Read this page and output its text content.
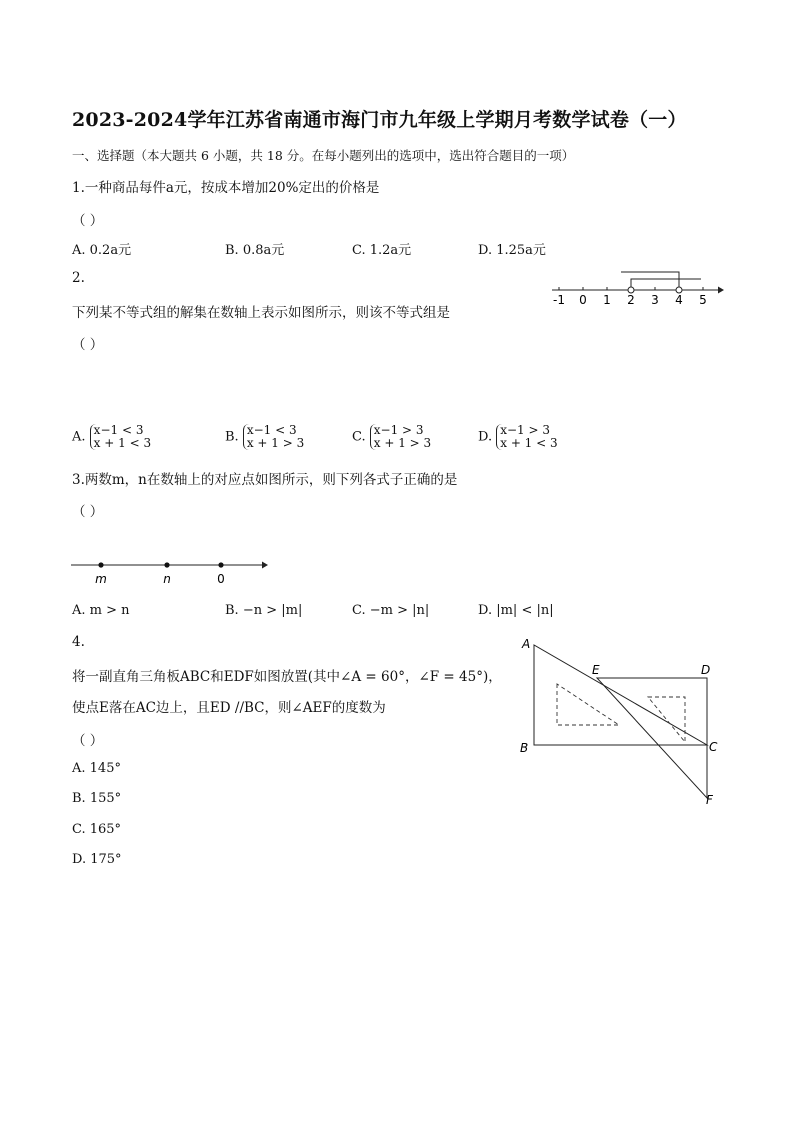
2023-2024学年江苏省南通市海门市九年级上学期月考数学试卷（一）
一、选择题（本大题共 6 小题，共 18 分。在每小题列出的选项中，选出符合题目的一项）
1.一种商品每件a元，按成本增加20%定出的价格是
（ ）
A. 0.2a元	B. 0.8a元	C. 1.2a元	D. 1.25a元
2.
下列某不等式组的解集在数轴上表示如图所示，则该不等式组是
（ ）
-1 0 1 2 3 4 5
A. x−1 < 3
x + 1 < 3	B. x−1 < 3
x + 1 > 3	C. x−1 > 3
x + 1 > 3	D. x−1 > 3
x + 1 < 3
3.两数m，n在数轴上的对应点如图所示，则下列各式子正确的是
（ ）
m	n	0
A. m > n	B. −n > |m|	C. −m > |n|	D. |m| < |n|
4.
将一副直角三角板ABC和EDF如图放置(其中∠A = 60°，∠F = 45°)，
使点E落在AC边上，且ED //BC，则∠AEF的度数为
（ ）
A. 145°
B. 155°
C. 165°
D. 175°
A
E	D
B	C
F
